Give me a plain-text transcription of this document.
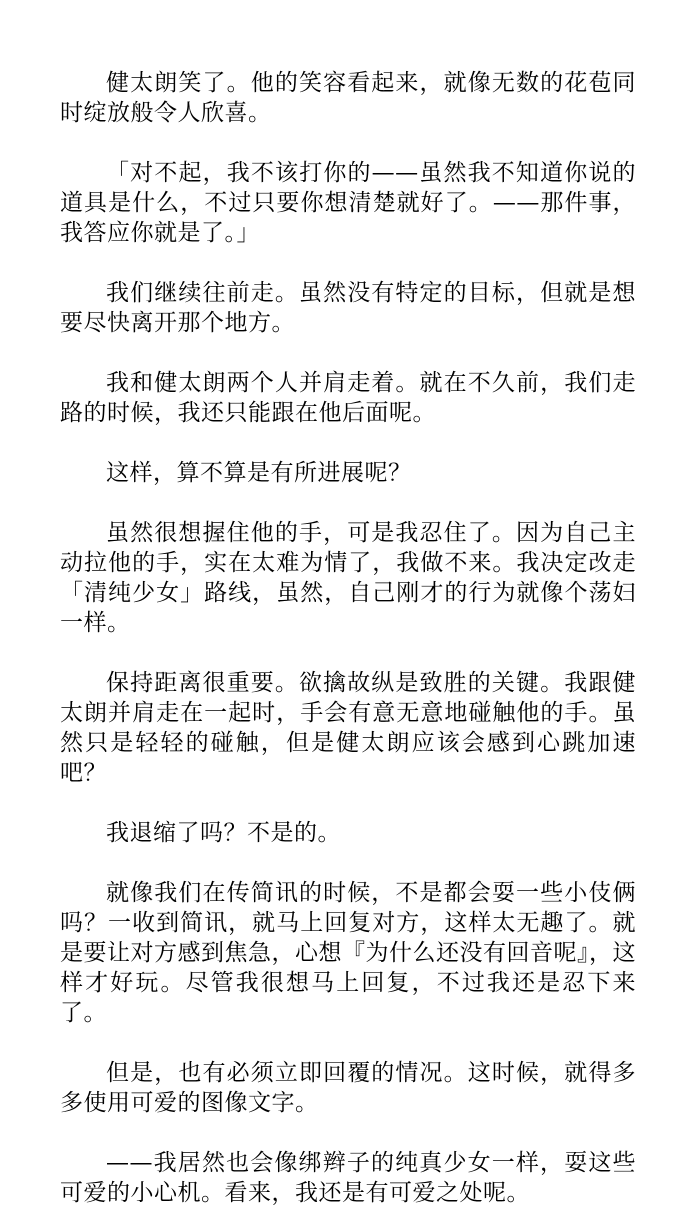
健太朗笑了。他的笑容看起来，就像无数的花苞同时绽放般令人欣喜。

「对不起，我不该打你的——虽然我不知道你说的道具是什么，不过只要你想清楚就好了。——那件事，我答应你就是了。」

我们继续往前走。虽然没有特定的目标，但就是想要尽快离开那个地方。

我和健太朗两个人并肩走着。就在不久前，我们走路的时候，我还只能跟在他后面呢。

这样，算不算是有所进展呢？

虽然很想握住他的手，可是我忍住了。因为自己主动拉他的手，实在太难为情了，我做不来。我决定改走「清纯少女」路线，虽然，自己刚才的行为就像个荡妇一样。

保持距离很重要。欲擒故纵是致胜的关键。我跟健太朗并肩走在一起时，手会有意无意地碰触他的手。虽然只是轻轻的碰触，但是健太朗应该会感到心跳加速吧？

我退缩了吗？不是的。

就像我们在传简讯的时候，不是都会耍一些小伎俩吗？一收到简讯，就马上回复对方，这样太无趣了。就是要让对方感到焦急，心想『为什么还没有回音呢』，这样才好玩。尽管我很想马上回复，不过我还是忍下来了。

但是，也有必须立即回覆的情况。这时候，就得多多使用可爱的图像文字。

——我居然也会像绑辫子的纯真少女一样，耍这些可爱的小心机。看来，我还是有可爱之处呢。
